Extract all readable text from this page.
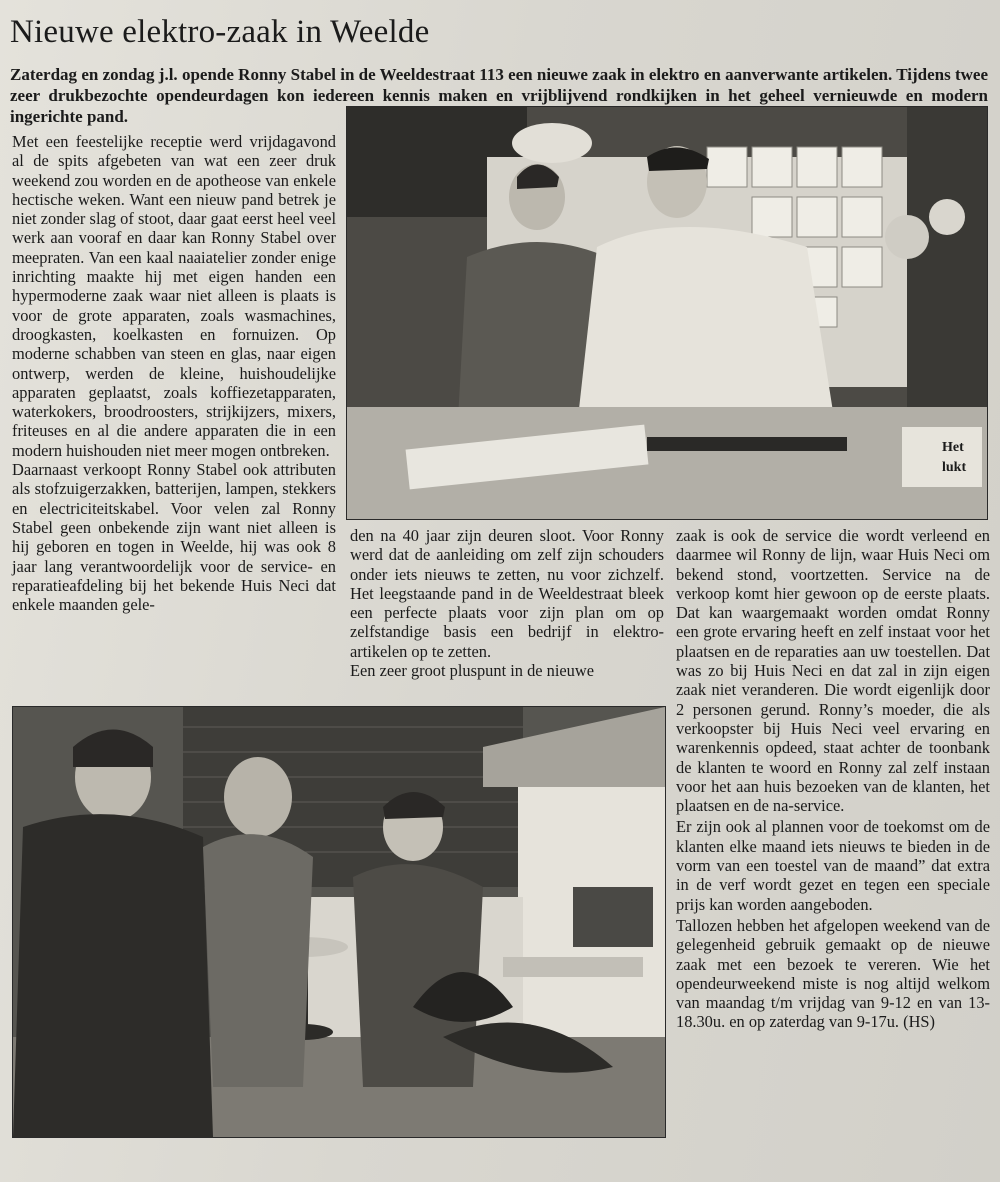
Nieuwe elektro-zaak in Weelde

Zaterdag en zondag j.l. opende Ronny Stabel in de Weeldestraat 113 een nieuwe zaak in elektro en aanverwante artikelen. Tijdens twee zeer drukbezochte opendeurdagen kon iedereen kennis maken en vrijblijvend rondkijken in het geheel vernieuwde en modern ingerichte pand.

Met een feestelijke receptie werd vrijdagavond al de spits afgebeten van wat een zeer druk weekend zou worden en de apotheose van enkele hectische weken. Want een nieuw pand betrek je niet zonder slag of stoot, daar gaat eerst heel veel werk aan vooraf en daar kan Ronny Stabel over meepraten. Van een kaal naaiatelier zonder enige inrichting maakte hij met eigen handen een hypermoderne zaak waar niet alleen is plaats is voor de grote apparaten, zoals wasmachines, droogkasten, koelkasten en fornuizen. Op moderne schabben van steen en glas, naar eigen ontwerp, werden de kleine, huishoudelijke apparaten geplaatst, zoals koffiezetapparaten, waterkokers, broodroosters, strijkijzers, mixers, friteuses en al die andere apparaten die in een modern huishouden niet meer mogen ontbreken.

Daarnaast verkoopt Ronny Stabel ook attributen als stofzuigerzakken, batterijen, lampen, stekkers en electriciteitskabel. Voor velen zal Ronny Stabel geen onbekende zijn want niet alleen is hij geboren en togen in Weelde, hij was ook 8 jaar lang verantwoordelijk voor de service- en reparatieafdeling bij het bekende Huis Neci dat enkele maanden gele-

Het
lukt

den na 40 jaar zijn deuren sloot. Voor Ronny werd dat de aanleiding om zelf zijn schouders onder iets nieuws te zetten, nu voor zichzelf. Het leegstaande pand in de Weeldestraat bleek een perfecte plaats voor zijn plan om op zelfstandige basis een bedrijf in elektro-artikelen op te zetten.

Een zeer groot pluspunt in de nieuwe

zaak is ook de service die wordt verleend en daarmee wil Ronny de lijn, waar Huis Neci om bekend stond, voortzetten. Service na de verkoop komt hier gewoon op de eerste plaats. Dat kan waargemaakt worden omdat Ronny een grote ervaring heeft en zelf instaat voor het plaatsen en de reparaties aan uw toestellen. Dat was zo bij Huis Neci en dat zal in zijn eigen zaak niet veranderen. Die wordt eigenlijk door 2 personen gerund. Ronny’s moeder, die als verkoopster bij Huis Neci veel ervaring en warenkennis opdeed, staat achter de toonbank de klanten te woord en Ronny zal zelf instaan voor het aan huis bezoeken van de klanten, het plaatsen en de na-service.

Er zijn ook al plannen voor de toekomst om de klanten elke maand iets nieuws te bieden in de vorm van een toestel van de maand” dat extra in de verf wordt gezet en tegen een speciale prijs kan worden aangeboden.

Tallozen hebben het afgelopen weekend van de gelegenheid gebruik gemaakt op de nieuwe zaak met een bezoek te vereren. Wie het opendeurweekend miste is nog altijd welkom van maandag t/m vrijdag van 9-12 en van 13-18.30u. en op zaterdag van 9-17u. (HS)
